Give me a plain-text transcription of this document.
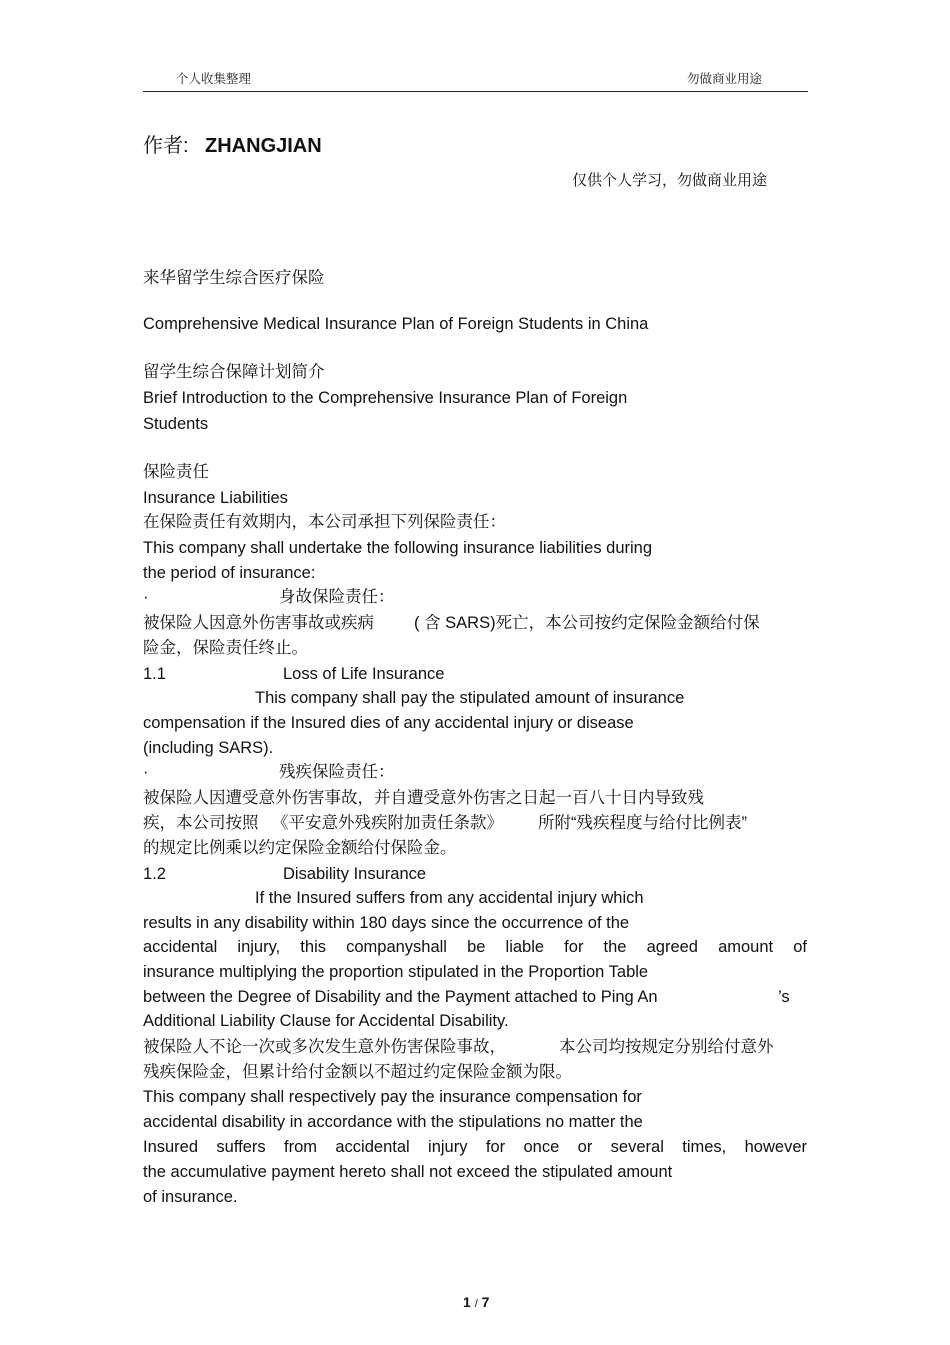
个人收集整理	勿做商业用途
作者: ZHANGJIAN
仅供个人学习，勿做商业用途
来华留学生综合医疗保险
Comprehensive Medical Insurance Plan of Foreign Students in China
留学生综合保障计划简介
Brief Introduction to the Comprehensive Insurance Plan of Foreign
Students
保险责任
Insurance Liabilities
在保险责任有效期内，本公司承担下列保险责任：
This company shall undertake the following insurance liabilities during
the period of insurance:
·	身故保险责任：
被保险人因意外伤害事故或疾病 ( 含 SARS)死亡，本公司按约定保险金额给付保
险金，保险责任终止。
1.1	Loss of Life Insurance
This company shall pay the stipulated amount of insurance
compensation if the Insured dies of any accidental injury or disease
(including SARS).
·	残疾保险责任：
被保险人因遭受意外伤害事故，并自遭受意外伤害之日起一百八十日内导致残
疾，本公司按照 《平安意外残疾附加责任条款》 所附“残疾程度与给付比例表”
的规定比例乘以约定保险金额给付保险金。
1.2	Disability Insurance
If the Insured suffers from any accidental injury which
results in any disability within 180 days since the occurrence of the
accidental injury, this companyshall be liable for the agreed amount of
insurance multiplying the proportion stipulated in the Proportion Table
between the Degree of Disability and the Payment attached to Ping An	’s
Additional Liability Clause for Accidental Disability.
被保险人不论一次或多次发生意外伤害保险事故，	本公司均按规定分别给付意外
残疾保险金，但累计给付金额以不超过约定保险金额为限。
This company shall respectively pay the insurance compensation for
accidental disability in accordance with the stipulations no matter the
Insured suffers from accidental injury for once or several times, however
the accumulative payment hereto shall not exceed the stipulated amount
of insurance.
1 / 7
